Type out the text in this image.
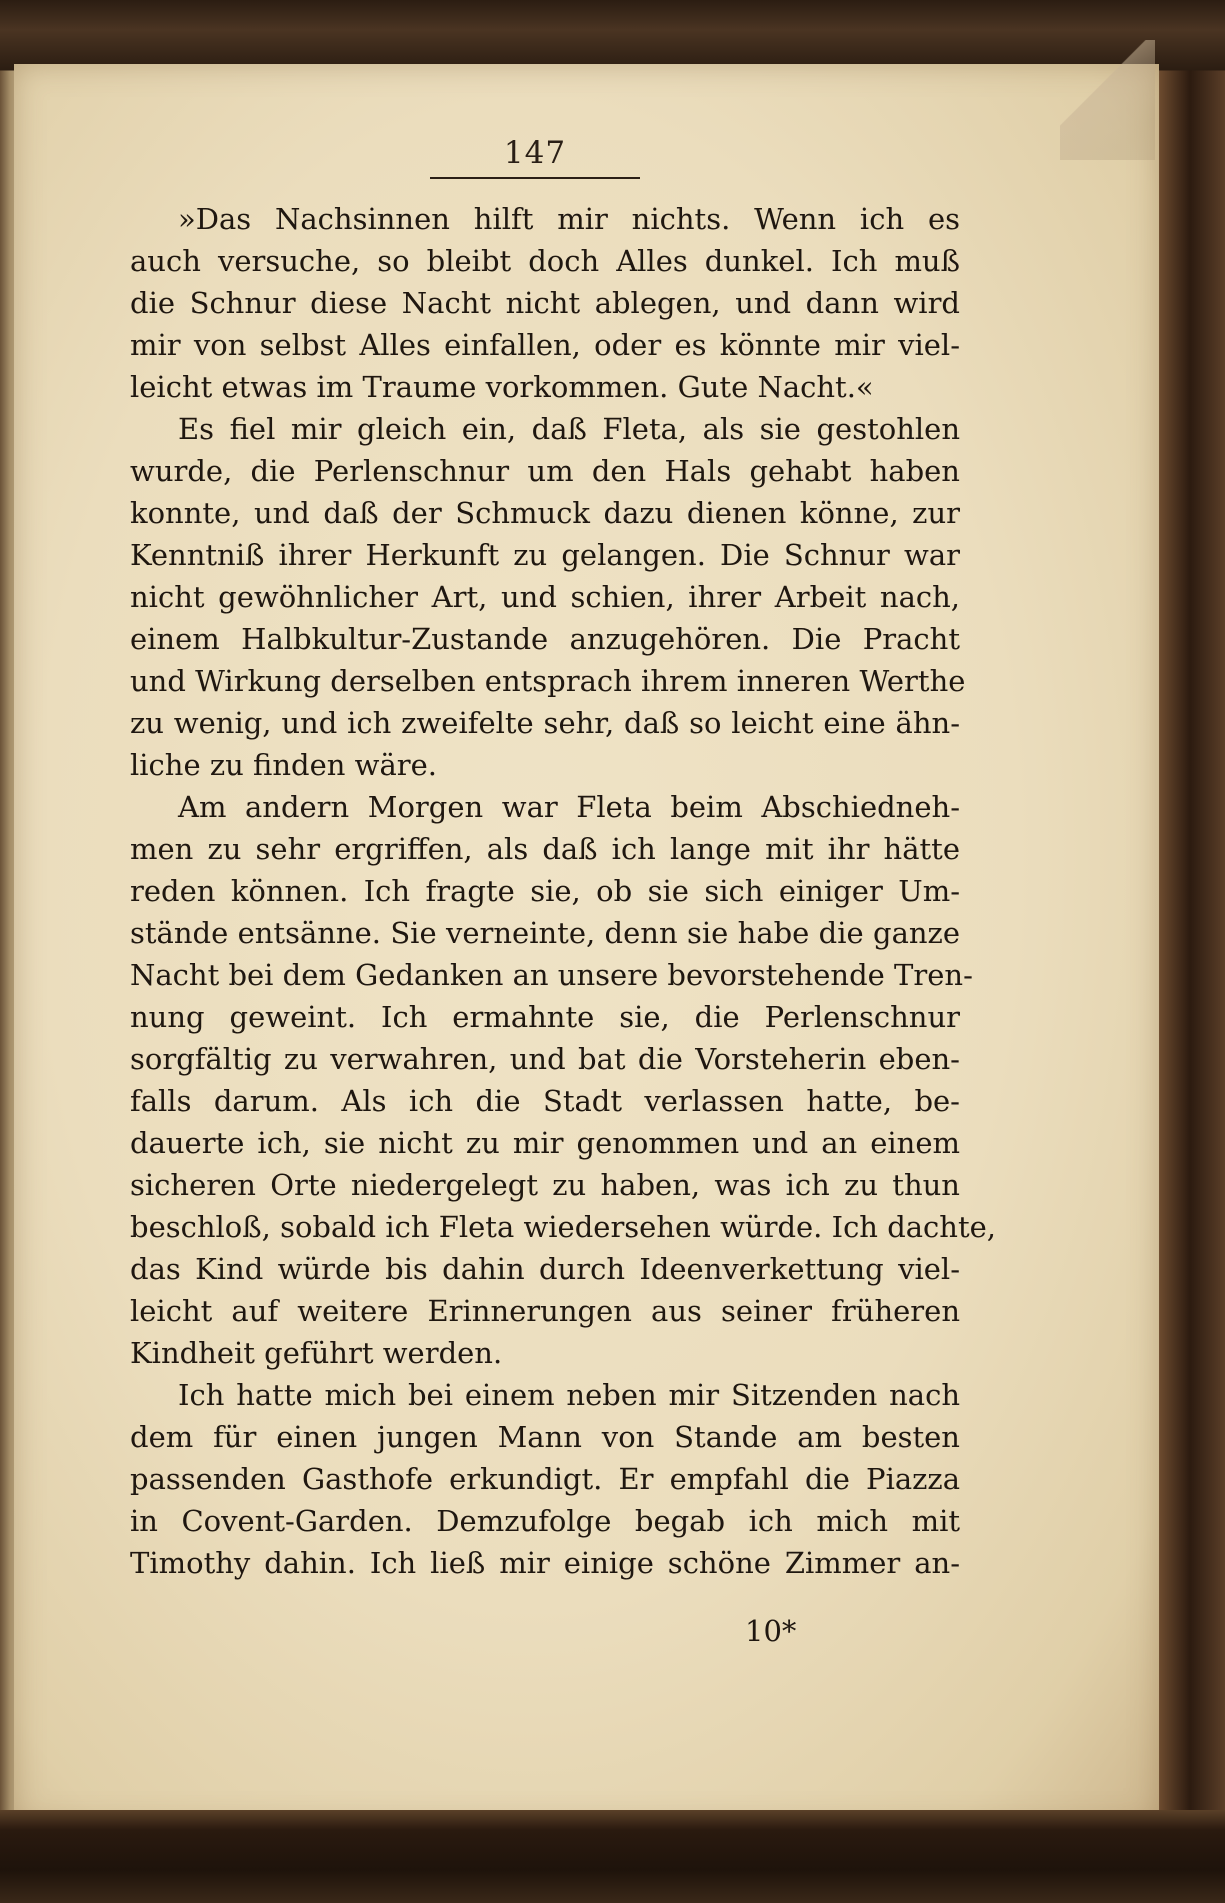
147
»Das Nachsinnen hilft mir nichts. Wenn ich es
auch versuche, so bleibt doch Alles dunkel. Ich muß
die Schnur diese Nacht nicht ablegen, und dann wird
mir von selbst Alles einfallen, oder es könnte mir viel-
leicht etwas im Traume vorkommen. Gute Nacht.«
Es fiel mir gleich ein, daß Fleta, als sie gestohlen
wurde, die Perlenschnur um den Hals gehabt haben
konnte, und daß der Schmuck dazu dienen könne, zur
Kenntniß ihrer Herkunft zu gelangen. Die Schnur war
nicht gewöhnlicher Art, und schien, ihrer Arbeit nach,
einem Halbkultur-Zustande anzugehören. Die Pracht
und Wirkung derselben entsprach ihrem inneren Werthe
zu wenig, und ich zweifelte sehr, daß so leicht eine ähn-
liche zu finden wäre.
Am andern Morgen war Fleta beim Abschiedneh-
men zu sehr ergriffen, als daß ich lange mit ihr hätte
reden können. Ich fragte sie, ob sie sich einiger Um-
stände entsänne. Sie verneinte, denn sie habe die ganze
Nacht bei dem Gedanken an unsere bevorstehende Tren-
nung geweint. Ich ermahnte sie, die Perlenschnur
sorgfältig zu verwahren, und bat die Vorsteherin eben-
falls darum. Als ich die Stadt verlassen hatte, be-
dauerte ich, sie nicht zu mir genommen und an einem
sicheren Orte niedergelegt zu haben, was ich zu thun
beschloß, sobald ich Fleta wiedersehen würde. Ich dachte,
das Kind würde bis dahin durch Ideenverkettung viel-
leicht auf weitere Erinnerungen aus seiner früheren
Kindheit geführt werden.
Ich hatte mich bei einem neben mir Sitzenden nach
dem für einen jungen Mann von Stande am besten
passenden Gasthofe erkundigt. Er empfahl die Piazza
in Covent-Garden. Demzufolge begab ich mich mit
Timothy dahin. Ich ließ mir einige schöne Zimmer an-
10*
